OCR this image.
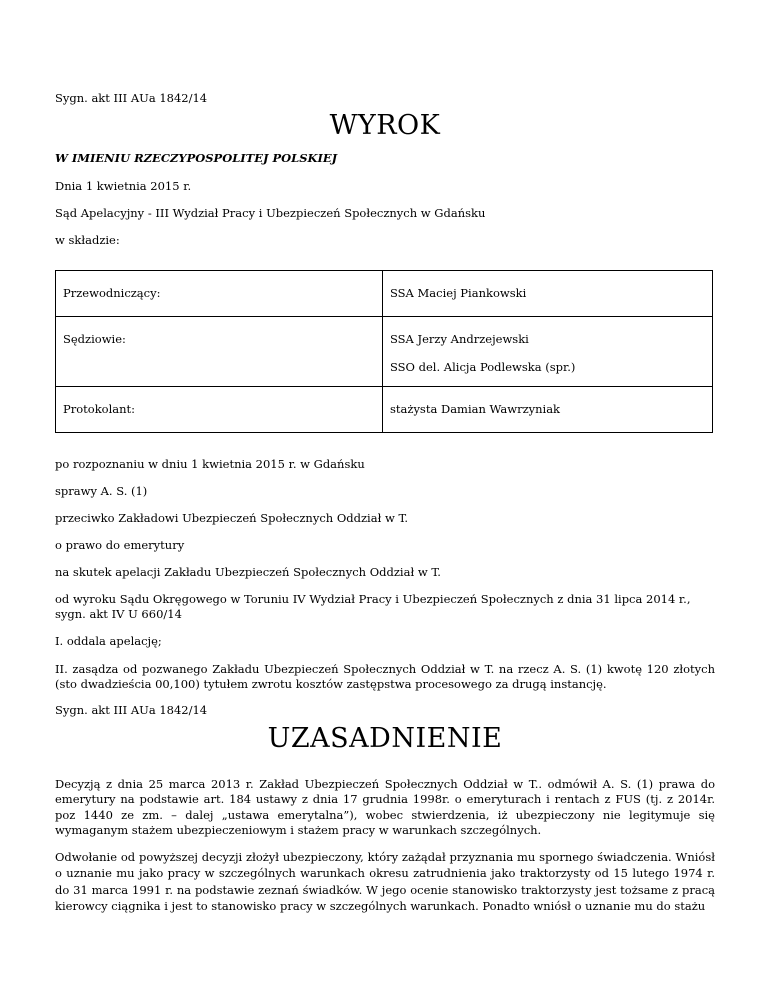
Sygn. akt III AUa 1842/14

WYROK

W IMIENIU RZECZYPOSPOLITEJ POLSKIEJ

Dnia 1 kwietnia 2015 r.

Sąd Apelacyjny - III Wydział Pracy i Ubezpieczeń Społecznych w Gdańsku

w składzie:

Przewodniczący:	SSA Maciej Piankowski

Sędziowie:	SSA Jerzy Andrzejewski
SSO del. Alicja Podlewska (spr.)

Protokolant:	stażysta Damian Wawrzyniak

po rozpoznaniu w dniu 1 kwietnia 2015 r. w Gdańsku

sprawy A. S. (1)

przeciwko Zakładowi Ubezpieczeń Społecznych Oddział w T.

o prawo do emerytury

na skutek apelacji Zakładu Ubezpieczeń Społecznych Oddział w T.

od wyroku Sądu Okręgowego w Toruniu IV Wydział Pracy i Ubezpieczeń Społecznych z dnia 31 lipca 2014 r., sygn. akt IV U 660/14

I. oddala apelację;

II. zasądza od pozwanego Zakładu Ubezpieczeń Społecznych Oddział w T. na rzecz A. S. (1) kwotę 120 złotych (sto dwadzieścia 00,100) tytułem zwrotu kosztów zastępstwa procesowego za drugą instancję.

Sygn. akt III AUa 1842/14

UZASADNIENIE

Decyzją z dnia 25 marca 2013 r. Zakład Ubezpieczeń Społecznych Oddział w T.. odmówił A. S. (1) prawa do emerytury na podstawie art. 184 ustawy z dnia 17 grudnia 1998r. o emeryturach i rentach z FUS (tj. z 2014r. poz 1440 ze zm. – dalej „ustawa emerytalna”), wobec stwierdzenia, iż ubezpieczony nie legitymuje się wymaganym stażem ubezpieczeniowym i stażem pracy w warunkach szczególnych.

Odwołanie od powyższej decyzji złożył ubezpieczony, który zażądał przyznania mu spornego świadczenia. Wniósł o uznanie mu jako pracy w szczególnych warunkach okresu zatrudnienia jako traktorzysty od 15 lutego 1974 r. do 31 marca 1991 r. na podstawie zeznań świadków. W jego ocenie stanowisko traktorzysty jest tożsame z pracą kierowcy ciągnika i jest to stanowisko pracy w szczególnych warunkach. Ponadto wniósł o uznanie mu do stażu
